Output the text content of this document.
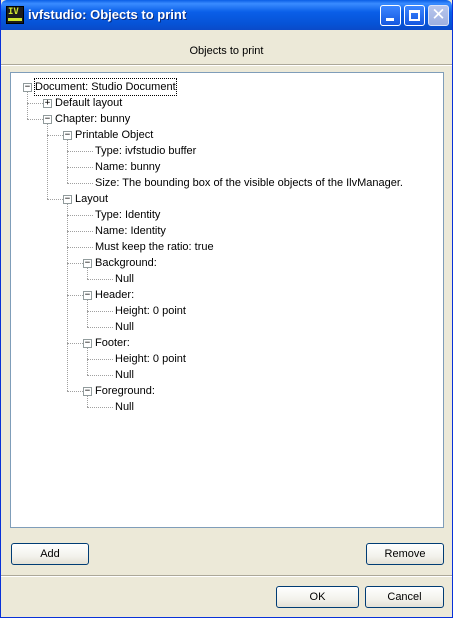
IV ivfstudio: Objects to print	✕
Objects to print
− Document: Studio Document
+ Default layout
− Chapter: bunny
− Printable Object
Type: ivfstudio buffer
Name: bunny
Size: The bounding box of the visible objects of the IlvManager.
− Layout
Type: Identity
Name: Identity
Must keep the ratio: true
− Background:
Null
− Header:
Height: 0 point
Null
− Footer:
Height: 0 point
Null
− Foreground:
Null
Add	Remove
OK	Cancel
